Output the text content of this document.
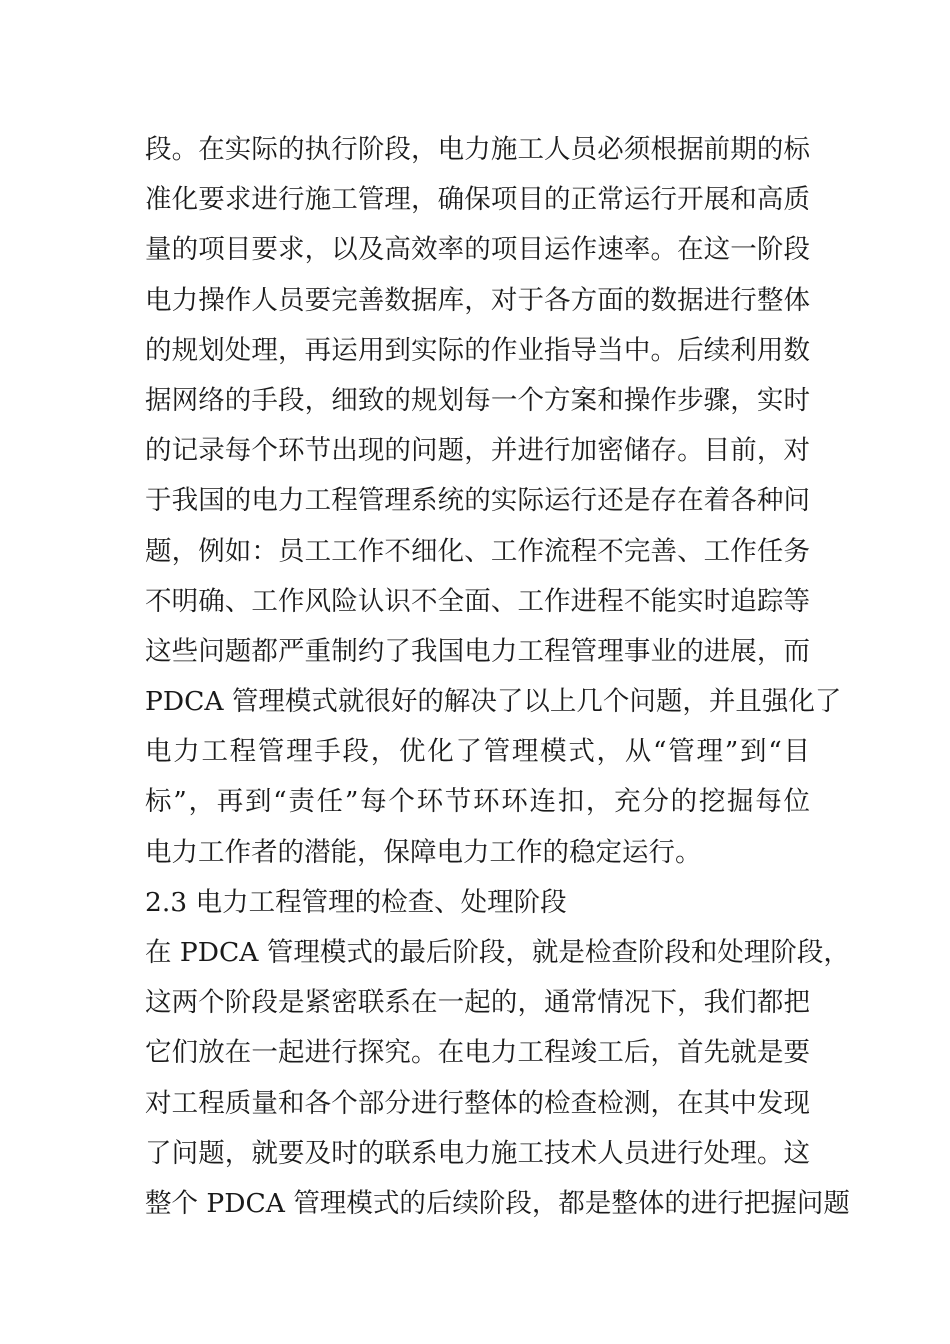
段。在实际的执行阶段，电力施工人员必须根据前期的标
准化要求进行施工管理，确保项目的正常运行开展和高质
量的项目要求，以及高效率的项目运作速率。在这一阶段
电力操作人员要完善数据库，对于各方面的数据进行整体
的规划处理，再运用到实际的作业指导当中。后续利用数
据网络的手段，细致的规划每一个方案和操作步骤，实时
的记录每个环节出现的问题，并进行加密储存。目前，对
于我国的电力工程管理系统的实际运行还是存在着各种问
题，例如：员工工作不细化、工作流程不完善、工作任务
不明确、工作风险认识不全面、工作进程不能实时追踪等
这些问题都严重制约了我国电力工程管理事业的进展，而
PDCA 管理模式就很好的解决了以上几个问题，并且强化了
电力工程管理手段，优化了管理模式，从“管理”到“目
标”，再到“责任”每个环节环环连扣，充分的挖掘每位
电力工作者的潜能，保障电力工作的稳定运行。
2.3 电力工程管理的检查、处理阶段
在 PDCA 管理模式的最后阶段，就是检查阶段和处理阶段，
这两个阶段是紧密联系在一起的，通常情况下，我们都把
它们放在一起进行探究。在电力工程竣工后，首先就是要
对工程质量和各个部分进行整体的检查检测，在其中发现
了问题，就要及时的联系电力施工技术人员进行处理。这
整个 PDCA 管理模式的后续阶段，都是整体的进行把握问题
